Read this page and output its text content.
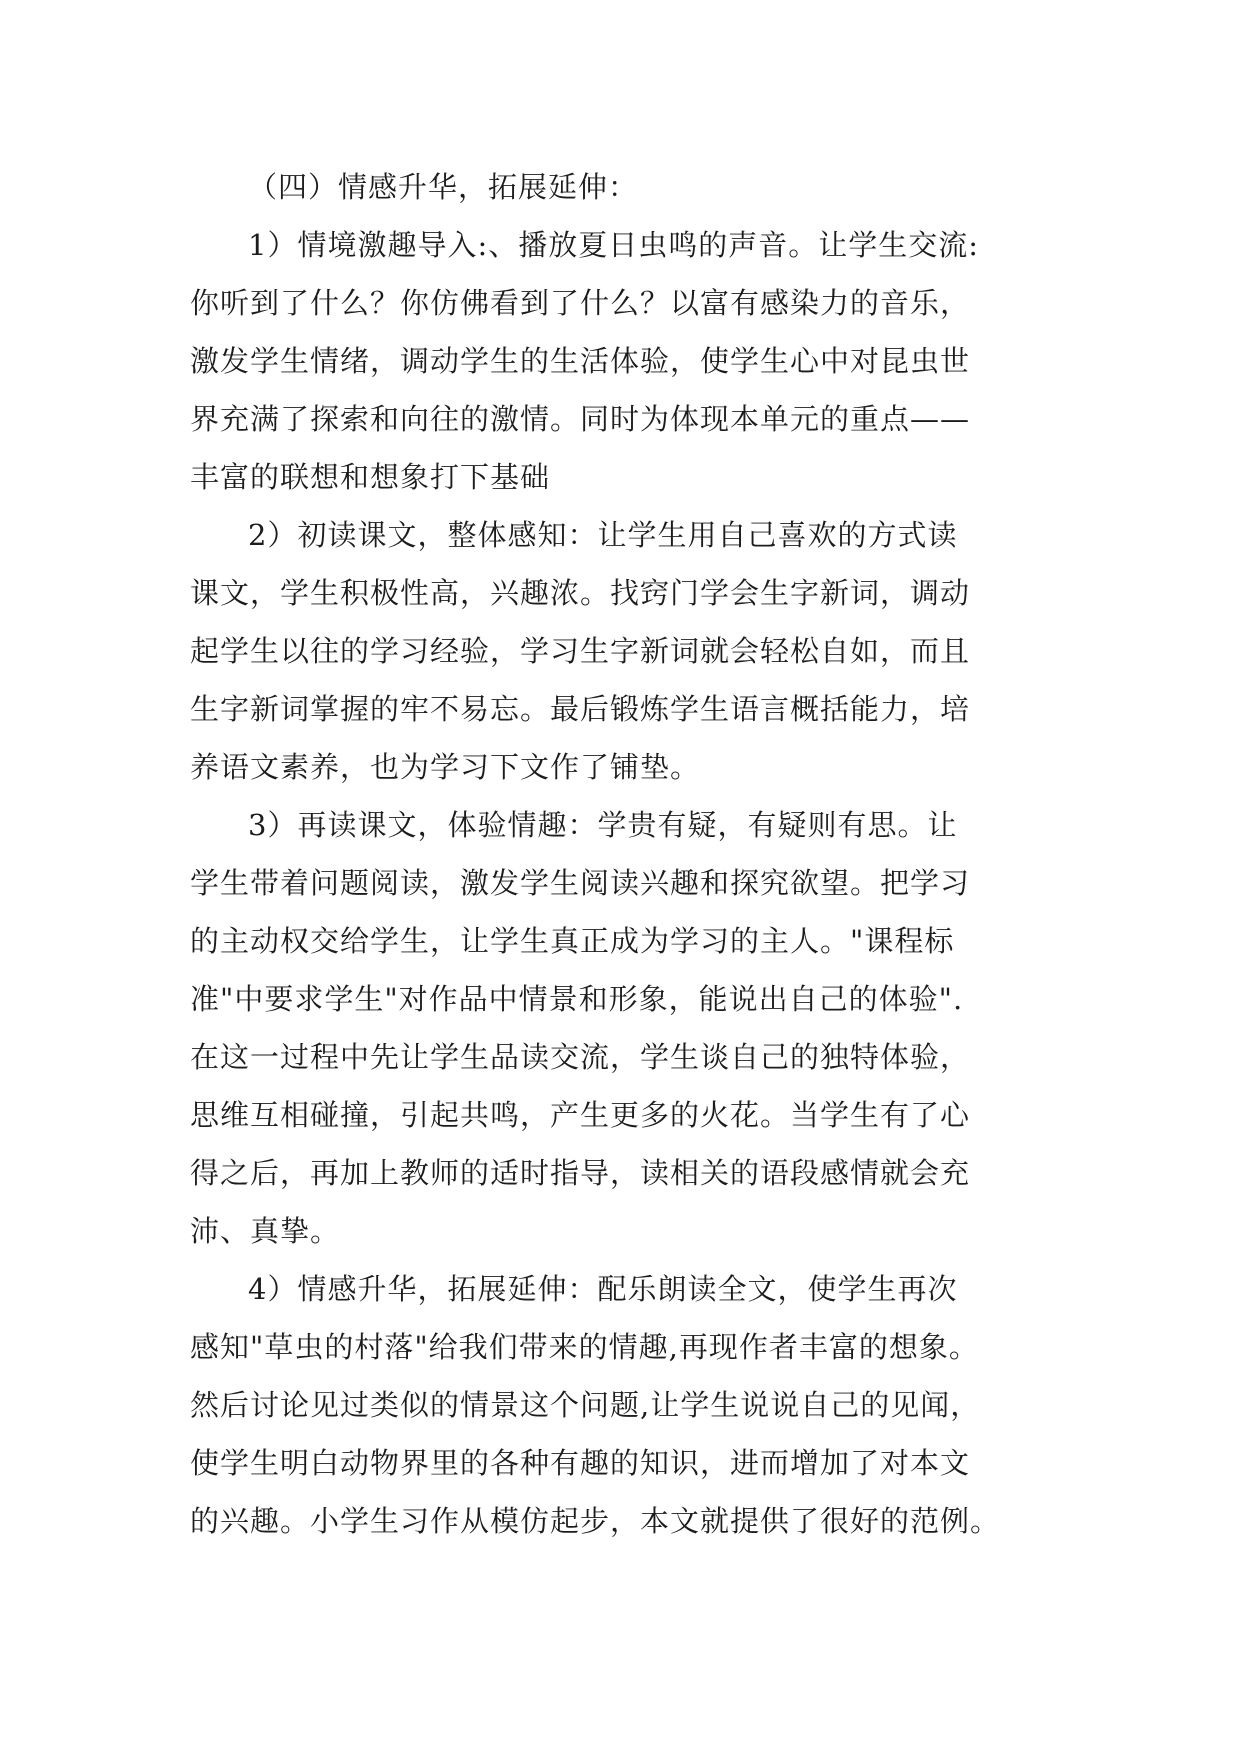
（四）情感升华，拓展延伸：
1）情境激趣导入:、播放夏日虫鸣的声音。让学生交流:
你听到了什么？你仿佛看到了什么？以富有感染力的音乐，
激发学生情绪，调动学生的生活体验，使学生心中对昆虫世
界充满了探索和向往的激情。同时为体现本单元的重点——
丰富的联想和想象打下基础
2）初读课文，整体感知：让学生用自己喜欢的方式读
课文，学生积极性高，兴趣浓。找窍门学会生字新词，调动
起学生以往的学习经验，学习生字新词就会轻松自如，而且
生字新词掌握的牢不易忘。最后锻炼学生语言概括能力，培
养语文素养，也为学习下文作了铺垫。
3）再读课文，体验情趣：学贵有疑，有疑则有思。让
学生带着问题阅读，激发学生阅读兴趣和探究欲望。把学习
的主动权交给学生，让学生真正成为学习的主人。"课程标
准"中要求学生"对作品中情景和形象，能说出自己的体验".
在这一过程中先让学生品读交流，学生谈自己的独特体验，
思维互相碰撞，引起共鸣，产生更多的火花。当学生有了心
得之后，再加上教师的适时指导，读相关的语段感情就会充
沛、真挚。
4）情感升华，拓展延伸：配乐朗读全文，使学生再次
感知"草虫的村落"给我们带来的情趣,再现作者丰富的想象。
然后讨论见过类似的情景这个问题,让学生说说自己的见闻，
使学生明白动物界里的各种有趣的知识，进而增加了对本文
的兴趣。小学生习作从模仿起步，本文就提供了很好的范例。
